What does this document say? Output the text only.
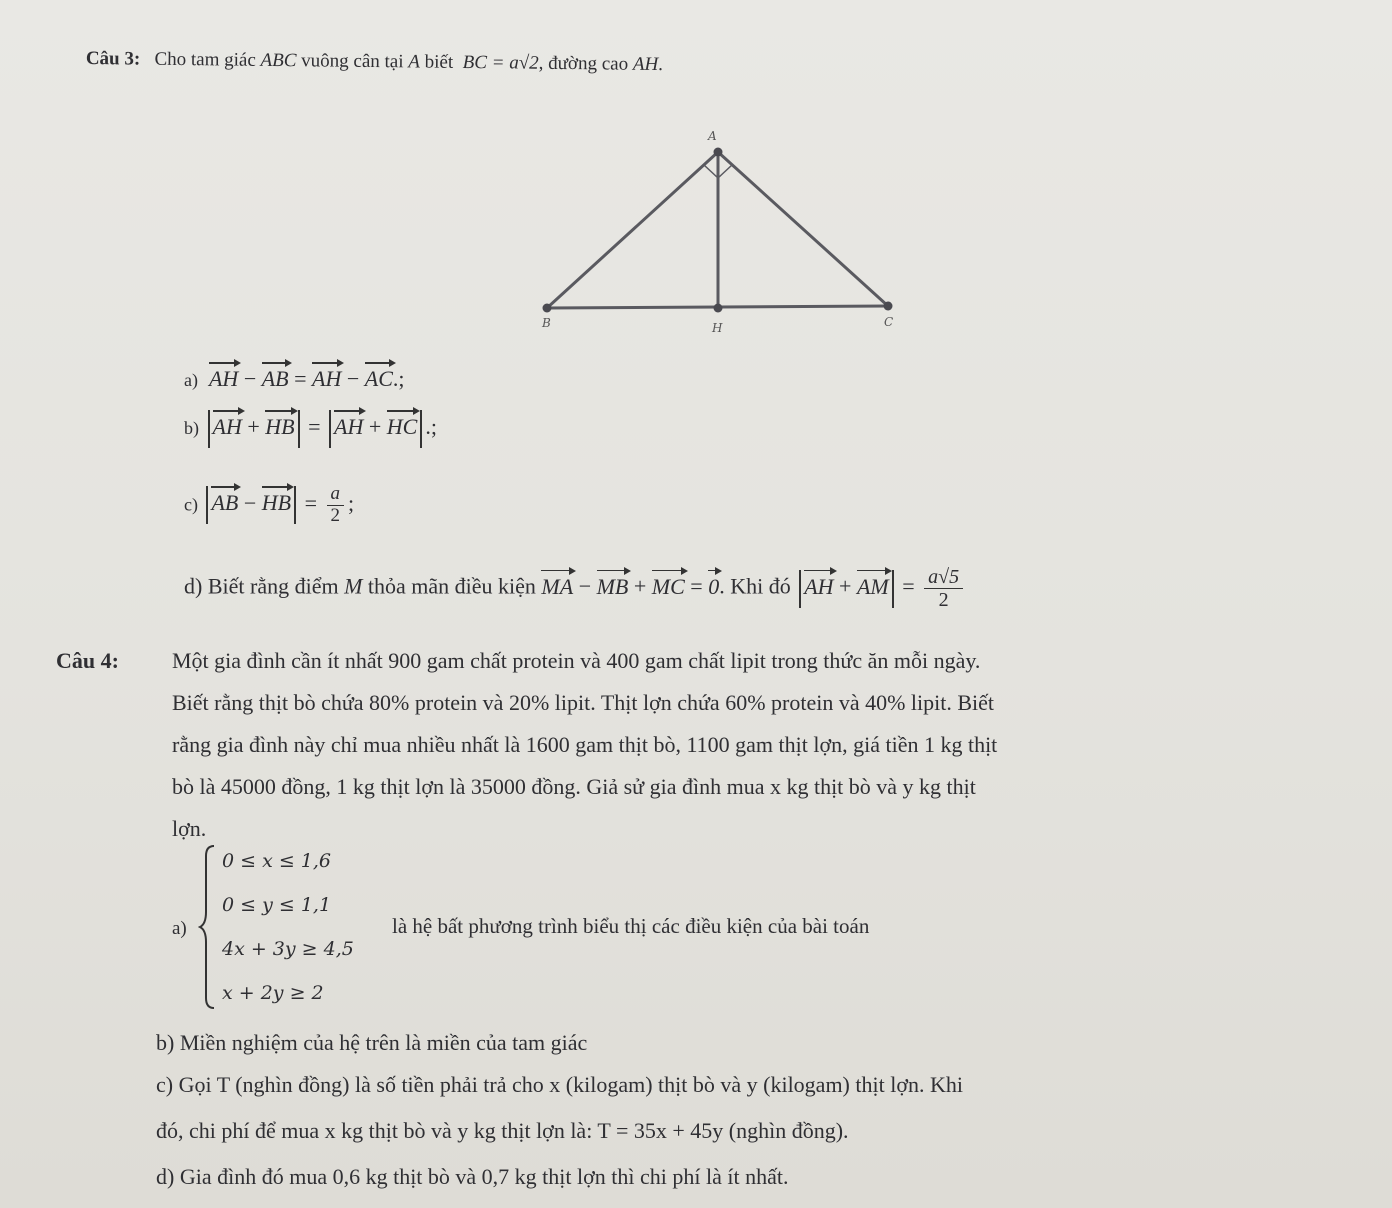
Câu 3: Cho tam giác ABC vuông cân tại A biết BC = a√2, đường cao AH.
A
B	H	C
a) AH − AB = AH − AC.;
b) AH + HB = AH + HC .;
c) AB − HB = $\frac{a}{2}$ ;
d) Biết rằng điểm M thỏa mãn điều kiện MA − MB + MC = 0. Khi đó AH + AM = $\frac{a√5}{2}$
Câu 4: Một gia đình cần ít nhất 900 gam chất protein và 400 gam chất lipit trong thức ăn mỗi ngày.
Biết rằng thịt bò chứa 80% protein và 20% lipit. Thịt lợn chứa 60% protein và 40% lipit. Biết
rằng gia đình này chỉ mua nhiều nhất là 1600 gam thịt bò, 1100 gam thịt lợn, giá tiền 1 kg thịt
bò là 45000 đồng, 1 kg thịt lợn là 35000 đồng. Giả sử gia đình mua x kg thịt bò và y kg thịt
lợn.
a)
0 ≤ x ≤ 1,6
0 ≤ y ≤ 1,1
4x + 3y ≥ 4,5
x + 2y ≥ 2
là hệ bất phương trình biểu thị các điều kiện của bài toán
b) Miền nghiệm của hệ trên là miền của tam giác
c) Gọi T (nghìn đồng) là số tiền phải trả cho x (kilogam) thịt bò và y (kilogam) thịt lợn. Khi
đó, chi phí để mua x kg thịt bò và y kg thịt lợn là: T = 35x + 45y (nghìn đồng).
d) Gia đình đó mua 0,6 kg thịt bò và 0,7 kg thịt lợn thì chi phí là ít nhất.
